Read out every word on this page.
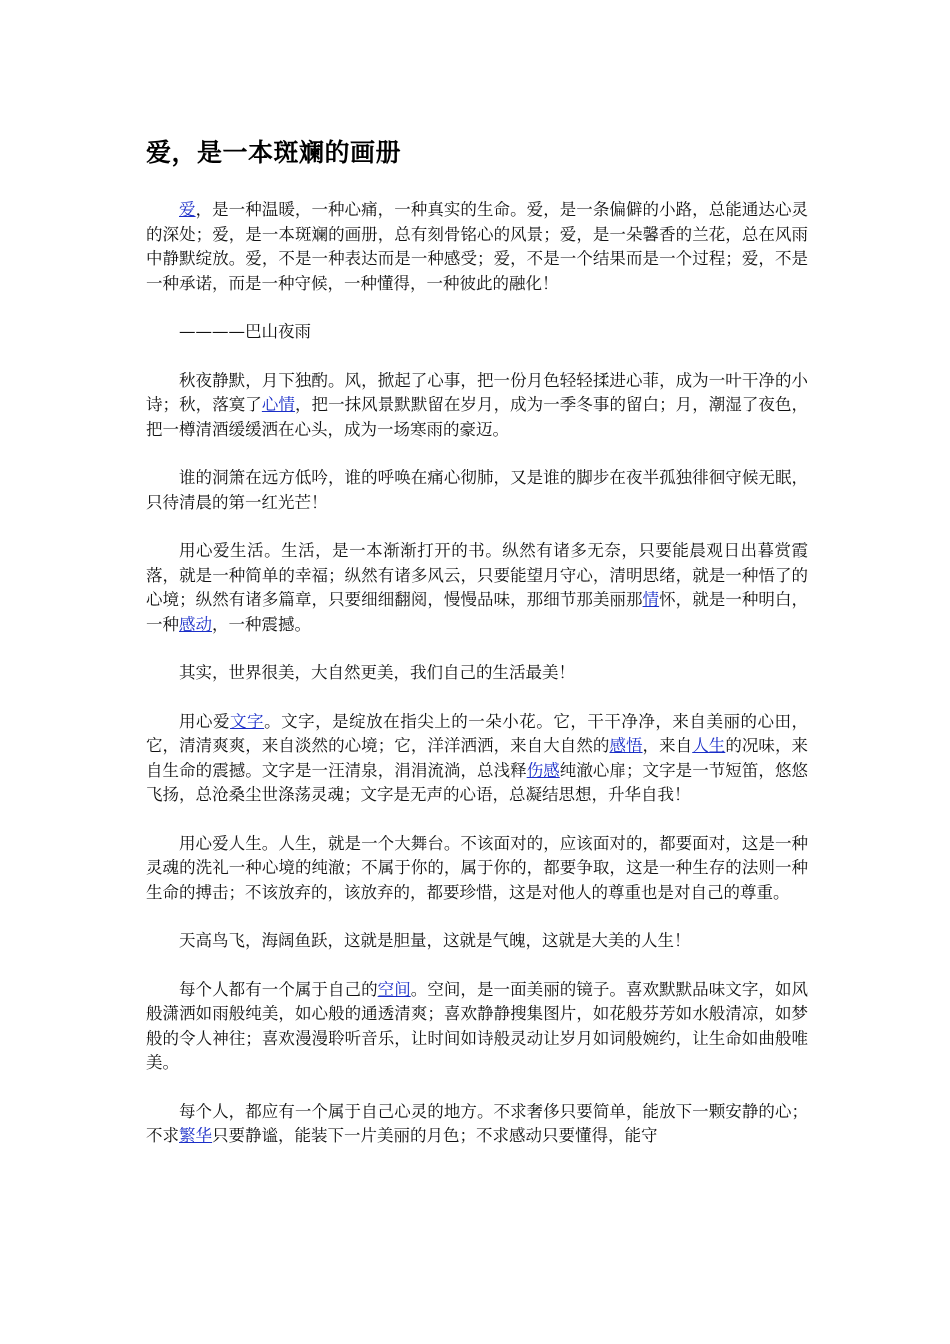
爱，是一本斑斓的画册

爱，是一种温暖，一种心痛，一种真实的生命。爱，是一条偏僻的小路，总能通达心灵的深处；爱，是一本斑斓的画册，总有刻骨铭心的风景；爱，是一朵馨香的兰花，总在风雨中静默绽放。爱，不是一种表达而是一种感受；爱，不是一个结果而是一个过程；爱，不是一种承诺，而是一种守候，一种懂得，一种彼此的融化！

————巴山夜雨

秋夜静默，月下独酌。风，掀起了心事，把一份月色轻轻揉进心菲，成为一叶干净的小诗；秋，落寞了心情，把一抹风景默默留在岁月，成为一季冬事的留白；月，潮湿了夜色，把一樽清酒缓缓洒在心头，成为一场寒雨的豪迈。

谁的洞箫在远方低吟，谁的呼唤在痛心彻肺，又是谁的脚步在夜半孤独徘徊守候无眠，只待清晨的第一红光芒！

用心爱生活。生活，是一本渐渐打开的书。纵然有诸多无奈，只要能晨观日出暮赏霞落，就是一种简单的幸福；纵然有诸多风云，只要能望月守心，清明思绪，就是一种悟了的心境；纵然有诸多篇章，只要细细翻阅，慢慢品味，那细节那美丽那情怀，就是一种明白，一种感动，一种震撼。

其实，世界很美，大自然更美，我们自己的生活最美！

用心爱文字。文字，是绽放在指尖上的一朵小花。它，干干净净，来自美丽的心田，它，清清爽爽，来自淡然的心境；它，洋洋洒洒，来自大自然的感悟，来自人生的况味，来自生命的震撼。文字是一汪清泉，涓涓流淌，总浅释伤感纯澈心扉；文字是一节短笛，悠悠飞扬，总沧桑尘世涤荡灵魂；文字是无声的心语，总凝结思想，升华自我！

用心爱人生。人生，就是一个大舞台。不该面对的，应该面对的，都要面对，这是一种灵魂的洗礼一种心境的纯澈；不属于你的，属于你的，都要争取，这是一种生存的法则一种生命的搏击；不该放弃的，该放弃的，都要珍惜，这是对他人的尊重也是对自己的尊重。

天高鸟飞，海阔鱼跃，这就是胆量，这就是气魄，这就是大美的人生！

每个人都有一个属于自己的空间。空间，是一面美丽的镜子。喜欢默默品味文字，如风般潇洒如雨般纯美，如心般的通透清爽；喜欢静静搜集图片，如花般芬芳如水般清凉，如梦般的令人神往；喜欢漫漫聆听音乐，让时间如诗般灵动让岁月如词般婉约，让生命如曲般唯美。

每个人，都应有一个属于自己心灵的地方。不求奢侈只要简单，能放下一颗安静的心；不求繁华只要静谧，能装下一片美丽的月色；不求感动只要懂得，能守
